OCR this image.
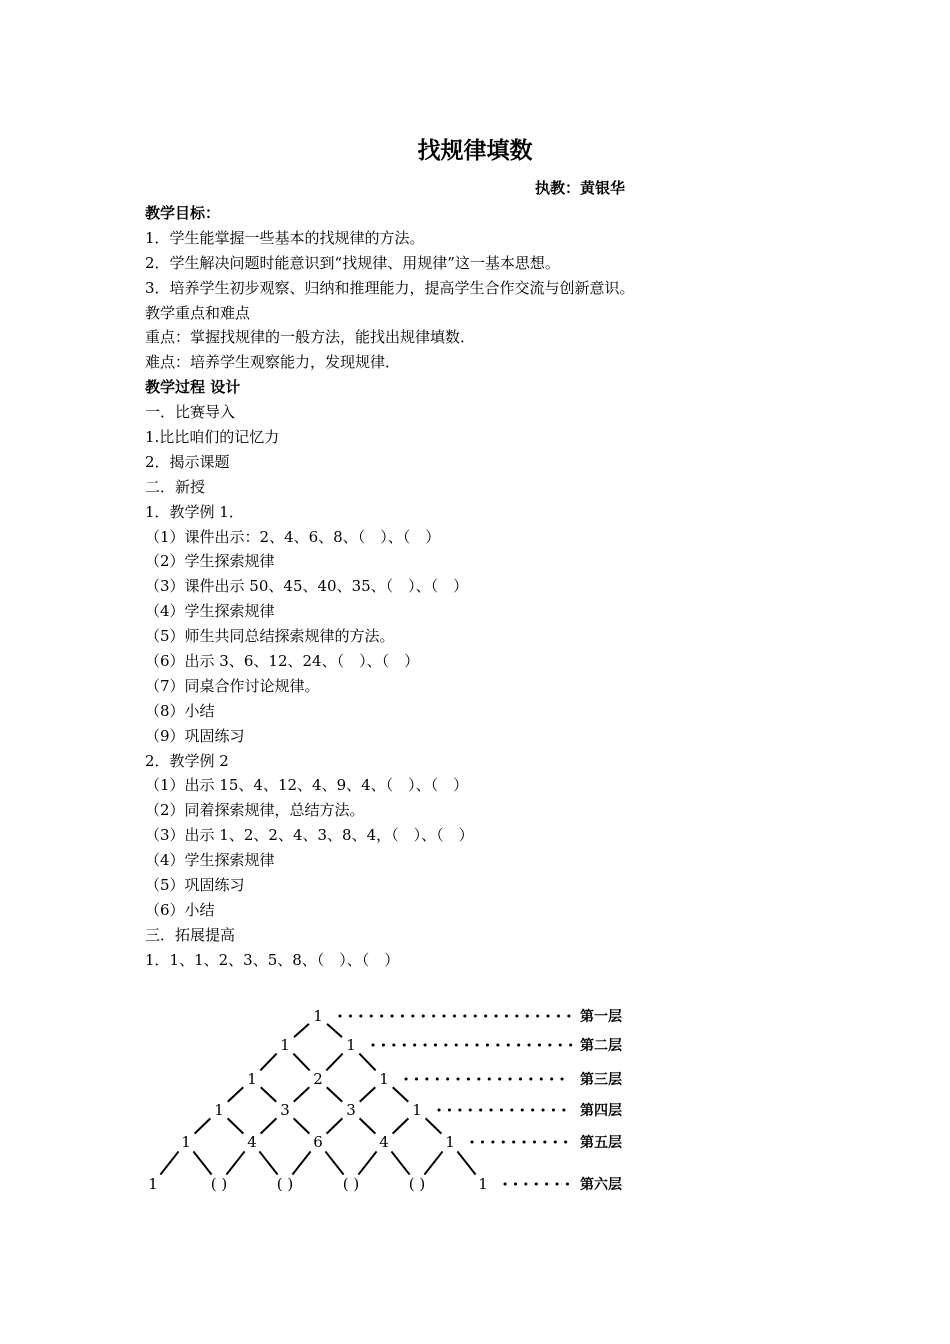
找规律填数
执教：黄银华
教学目标：
1．学生能掌握一些基本的找规律的方法。
2．学生解决问题时能意识到“找规律、用规律”这一基本思想。
3．培养学生初步观察、归纳和推理能力，提高学生合作交流与创新意识。
教学重点和难点
重点：掌握找规律的一般方法，能找出规律填数．
难点：培养学生观察能力，发现规律．
教学过程 设计
一．比赛导入
1.比比咱们的记忆力
2．揭示课题
二．新授
1．教学例 1．
（1）课件出示：2、4、6、8、（　）、（　）
（2）学生探索规律
（3）课件出示 50、45、40、35、（　）、（　）
（4）学生探索规律
（5）师生共同总结探索规律的方法。
（6）出示 3、6、12、24、（　）、（　）
（7）同桌合作讨论规律。
（8）小结
（9）巩固练习
2．教学例 2
（1）出示 15、4、12、4、9、4、（　）、（　）
（2）同着探索规律，总结方法。
（3）出示 1、2、2、4、3、8、4，（　）、（　）
（4）学生探索规律
（5）巩固练习
（6）小结
三．拓展提高
1．1、1、2、3、5、8、（　）、（　）
1	第一层
1	1	第二层
1	2	1	第三层
1	3	3	1	第四层
1	4	6	4	1	第五层
1	( )	( )	( )	( )	1	第六层
